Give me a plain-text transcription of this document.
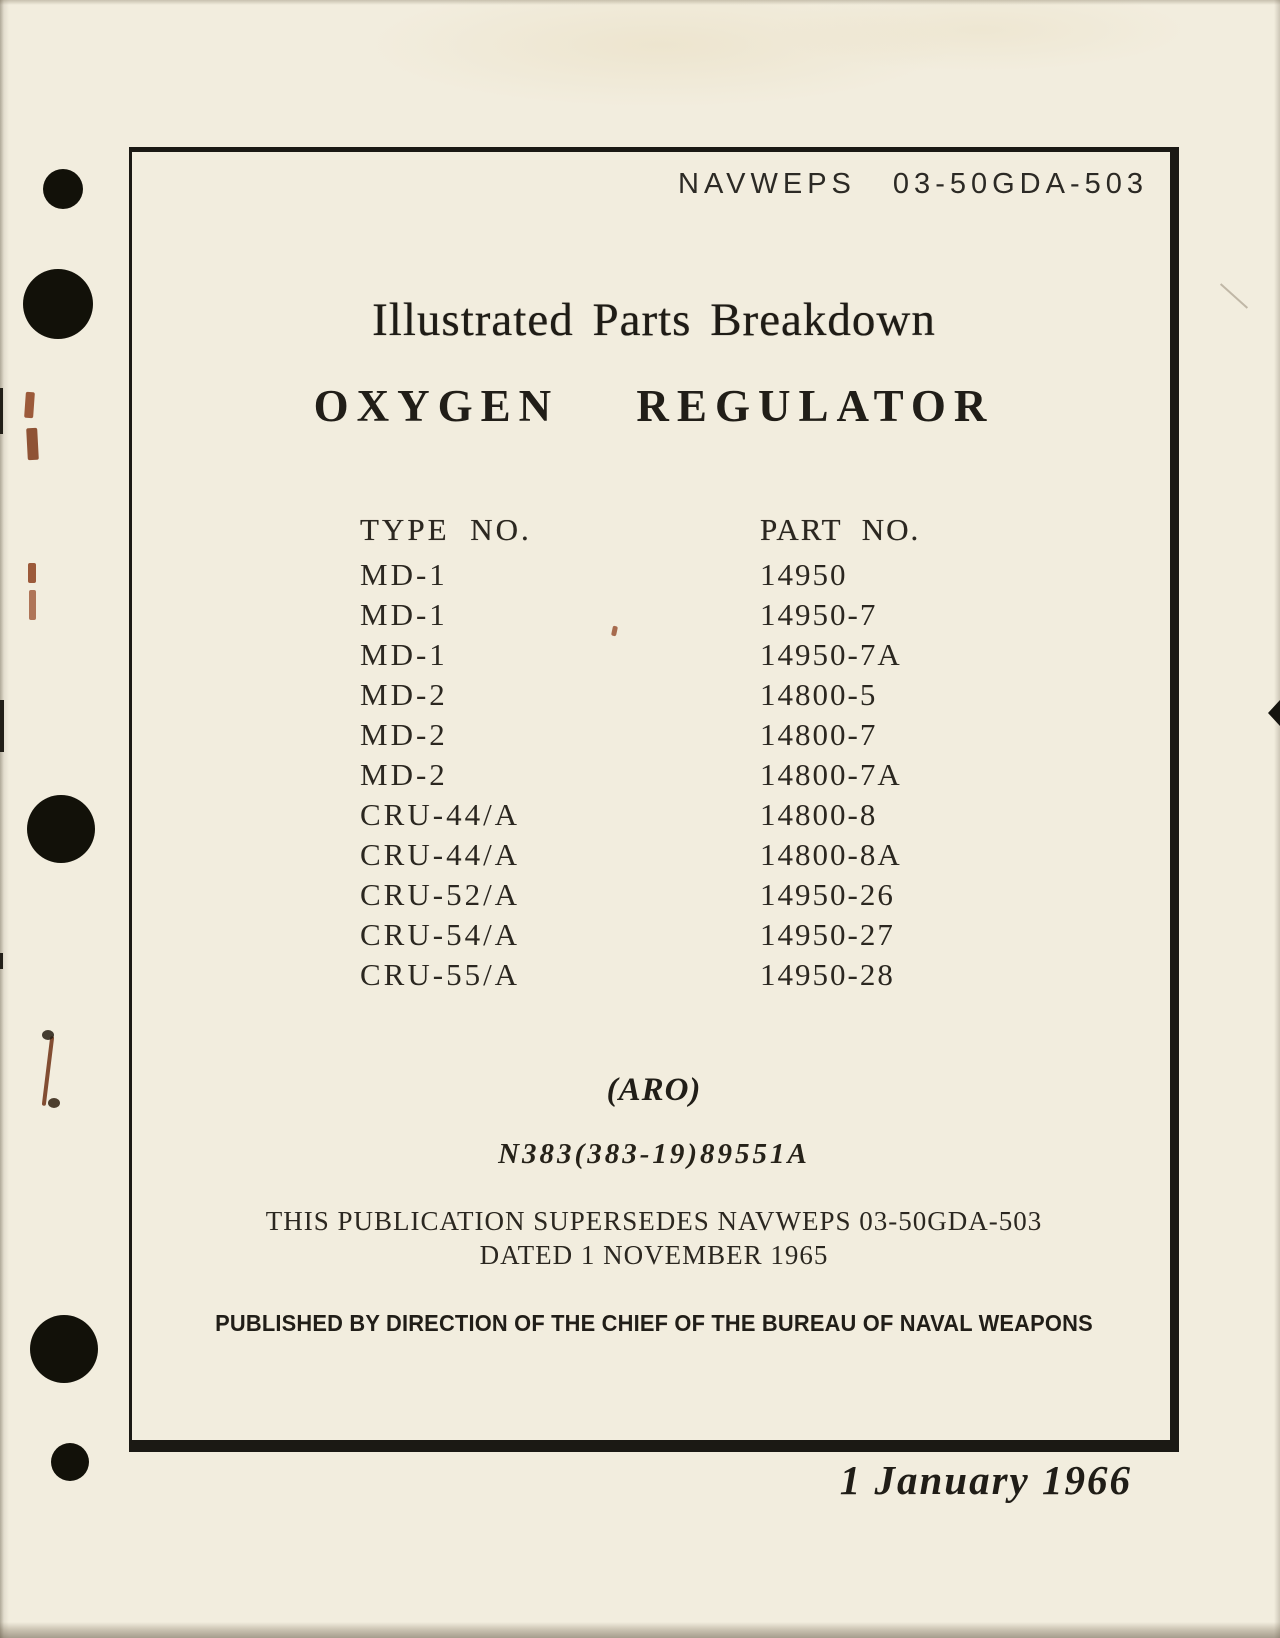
NAVWEPS 03-50GDA-503
Illustrated Parts Breakdown
OXYGEN REGULATOR
TYPE NO.	PART NO.
MD-1	14950
MD-1	14950-7
MD-1	14950-7A
MD-2	14800-5
MD-2	14800-7
MD-2	14800-7A
CRU-44/A	14800-8
CRU-44/A	14800-8A
CRU-52/A	14950-26
CRU-54/A	14950-27
CRU-55/A	14950-28
(ARO)
N383(383-19)89551A
THIS PUBLICATION SUPERSEDES NAVWEPS 03-50GDA-503
DATED 1 NOVEMBER 1965
PUBLISHED BY DIRECTION OF THE CHIEF OF THE BUREAU OF NAVAL WEAPONS
1 January 1966
